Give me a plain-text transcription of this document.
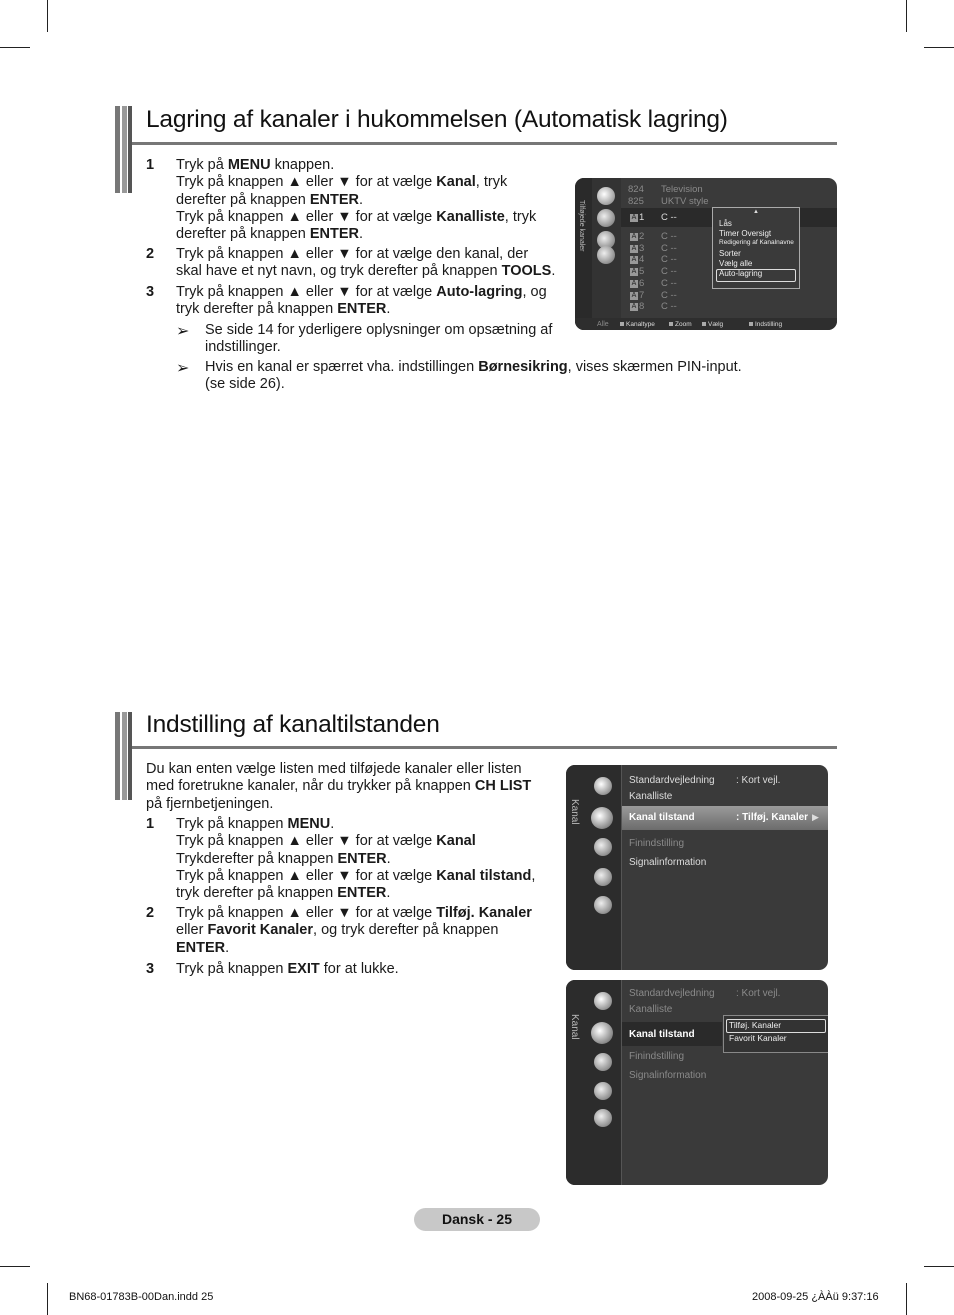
Lagring af kanaler i hukommelsen (Automatisk lagring)
1 Tryk på MENU knappen.
Tryk på knappen ▲ eller ▼ for at vælge Kanal, tryk
derefter på knappen ENTER.
Tryk på knappen ▲ eller ▼ for at vælge Kanalliste, tryk
derefter på knappen ENTER.
2 Tryk på knappen ▲ eller ▼ for at vælge den kanal, der
skal have et nyt navn, og tryk derefter på knappen TOOLS.
3 Tryk på knappen ▲ eller ▼ for at vælge Auto-lagring, og
tryk derefter på knappen ENTER.
➢ Se side 14 for yderligere oplysninger om opsætning af
indstillinger.
➢ Hvis en kanal er spærret vha. indstillingen Børnesikring, vises skærmen PIN-input.
(se side 26).
Tilføjede kanaler
824 Television
825 UKTV style
A 1 C --
A 2 C --
A 3 C --
A 4 C --
A 5 C --
A 6 C --
A 7 C --
A 8 C --
▲
Lås
Timer Oversigt
Redigering af Kanalnavne
Sorter
Vælg alle
Auto-lagring
Alle	Kanaltype	Zoom	Vælg	Indstilling
Indstilling af kanaltilstanden
Du kan enten vælge listen med tilføjede kanaler eller listen
med foretrukne kanaler, når du trykker på knappen CH LIST
på fjernbetjeningen.
1 Tryk på knappen MENU.
Tryk på knappen ▲ eller ▼ for at vælge Kanal
Trykderefter på knappen ENTER.
Tryk på knappen ▲ eller ▼ for at vælge Kanal tilstand,
tryk derefter på knappen ENTER.
2 Tryk på knappen ▲ eller ▼ for at vælge Tilføj. Kanaler
eller Favorit Kanaler, og tryk derefter på knappen
ENTER.
3 Tryk på knappen EXIT for at lukke.
Kanal
Standardvejledning : Kort vejl.
Kanalliste
Kanal tilstand	: Tilføj. Kanaler
Finindstilling
Signalinformation
▶
Kanal
Standardvejledning : Kort vejl.
Kanalliste
Kanal tilstand
Finindstilling
Signalinformation
Tilføj. Kanaler
Favorit Kanaler
Dansk - 25
BN68-01783B-00Dan.indd 25	2008-09-25 ¿ÀÀü 9:37:16
